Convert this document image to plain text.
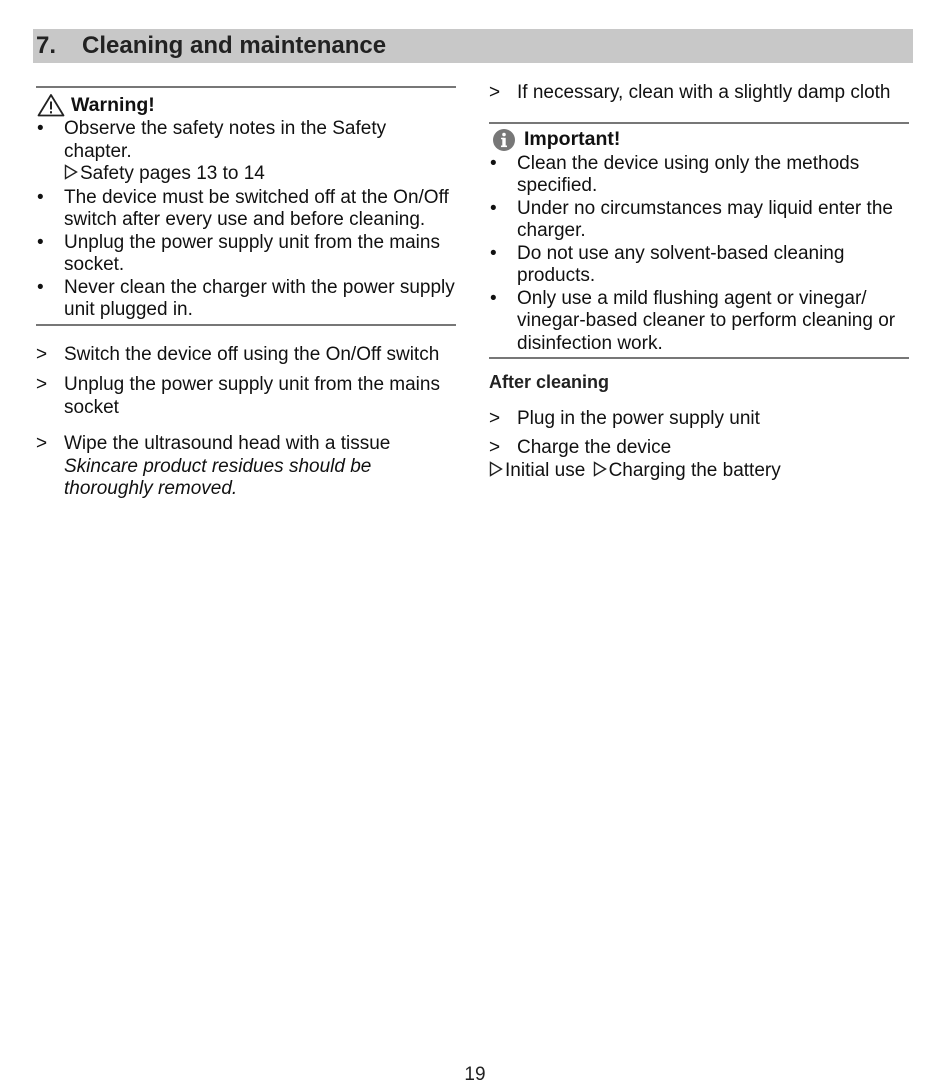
7. Cleaning and maintenance
Warning!
• Observe the safety notes in the Safety chapter.
Safety pages 13 to 14
• The device must be switched off at the On/Off switch after every use and before cleaning.
• Unplug the power supply unit from the mains socket.
• Never clean the charger with the power supply unit plugged in.
> Switch the device off using the On/Off switch
> Unplug the power supply unit from the mains socket
> Wipe the ultrasound head with a tissue
Skincare product residues should be thoroughly removed.
> If necessary, clean with a slightly damp cloth
Important!
• Clean the device using only the methods specified.
• Under no circumstances may liquid enter the charger.
• Do not use any solvent-based cleaning products.
• Only use a mild flushing agent or vinegar/ vinegar-based cleaner to perform cleaning or disinfection work.
After cleaning
> Plug in the power supply unit
> Charge the device
Initial use Charging the battery
19
